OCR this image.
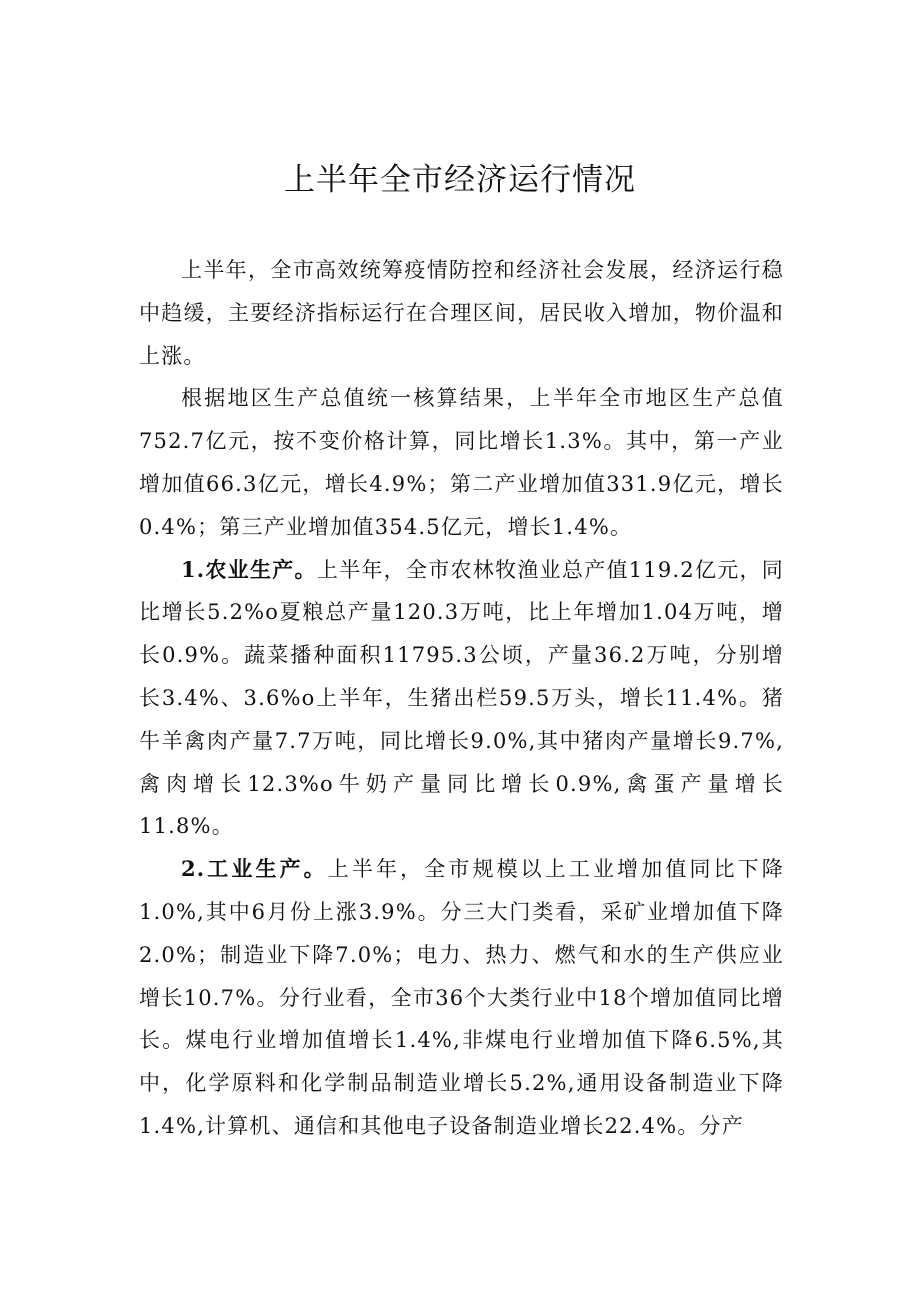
上半年全市经济运行情况

上半年，全市高效统筹疫情防控和经济社会发展，经济运行稳中趋缓，主要经济指标运行在合理区间，居民收入增加，物价温和上涨。

根据地区生产总值统一核算结果，上半年全市地区生产总值752.7亿元，按不变价格计算，同比增长1.3%。其中，第一产业增加值66.3亿元，增长4.9%；第二产业增加值331.9亿元，增长0.4%；第三产业增加值354.5亿元，增长1.4%。

1.农业生产。上半年，全市农林牧渔业总产值119.2亿元，同比增长5.2%o夏粮总产量120.3万吨，比上年增加1.04万吨，增长0.9%。蔬菜播种面积11795.3公顷，产量36.2万吨，分别增长3.4%、3.6%o上半年，生猪出栏59.5万头，增长11.4%。猪牛羊禽肉产量7.7万吨，同比增长9.0%,其中猪肉产量增长9.7%,禽肉增长12.3%o牛奶产量同比增长0.9%,禽蛋产量增长11.8%。

2.工业生产。上半年，全市规模以上工业增加值同比下降1.0%,其中6月份上涨3.9%。分三大门类看，采矿业增加值下降2.0%；制造业下降7.0%；电力、热力、燃气和水的生产供应业增长10.7%。分行业看，全市36个大类行业中18个增加值同比增长。煤电行业增加值增长1.4%,非煤电行业增加值下降6.5%,其中，化学原料和化学制品制造业增长5.2%,通用设备制造业下降1.4%,计算机、通信和其他电子设备制造业增长22.4%。分产
